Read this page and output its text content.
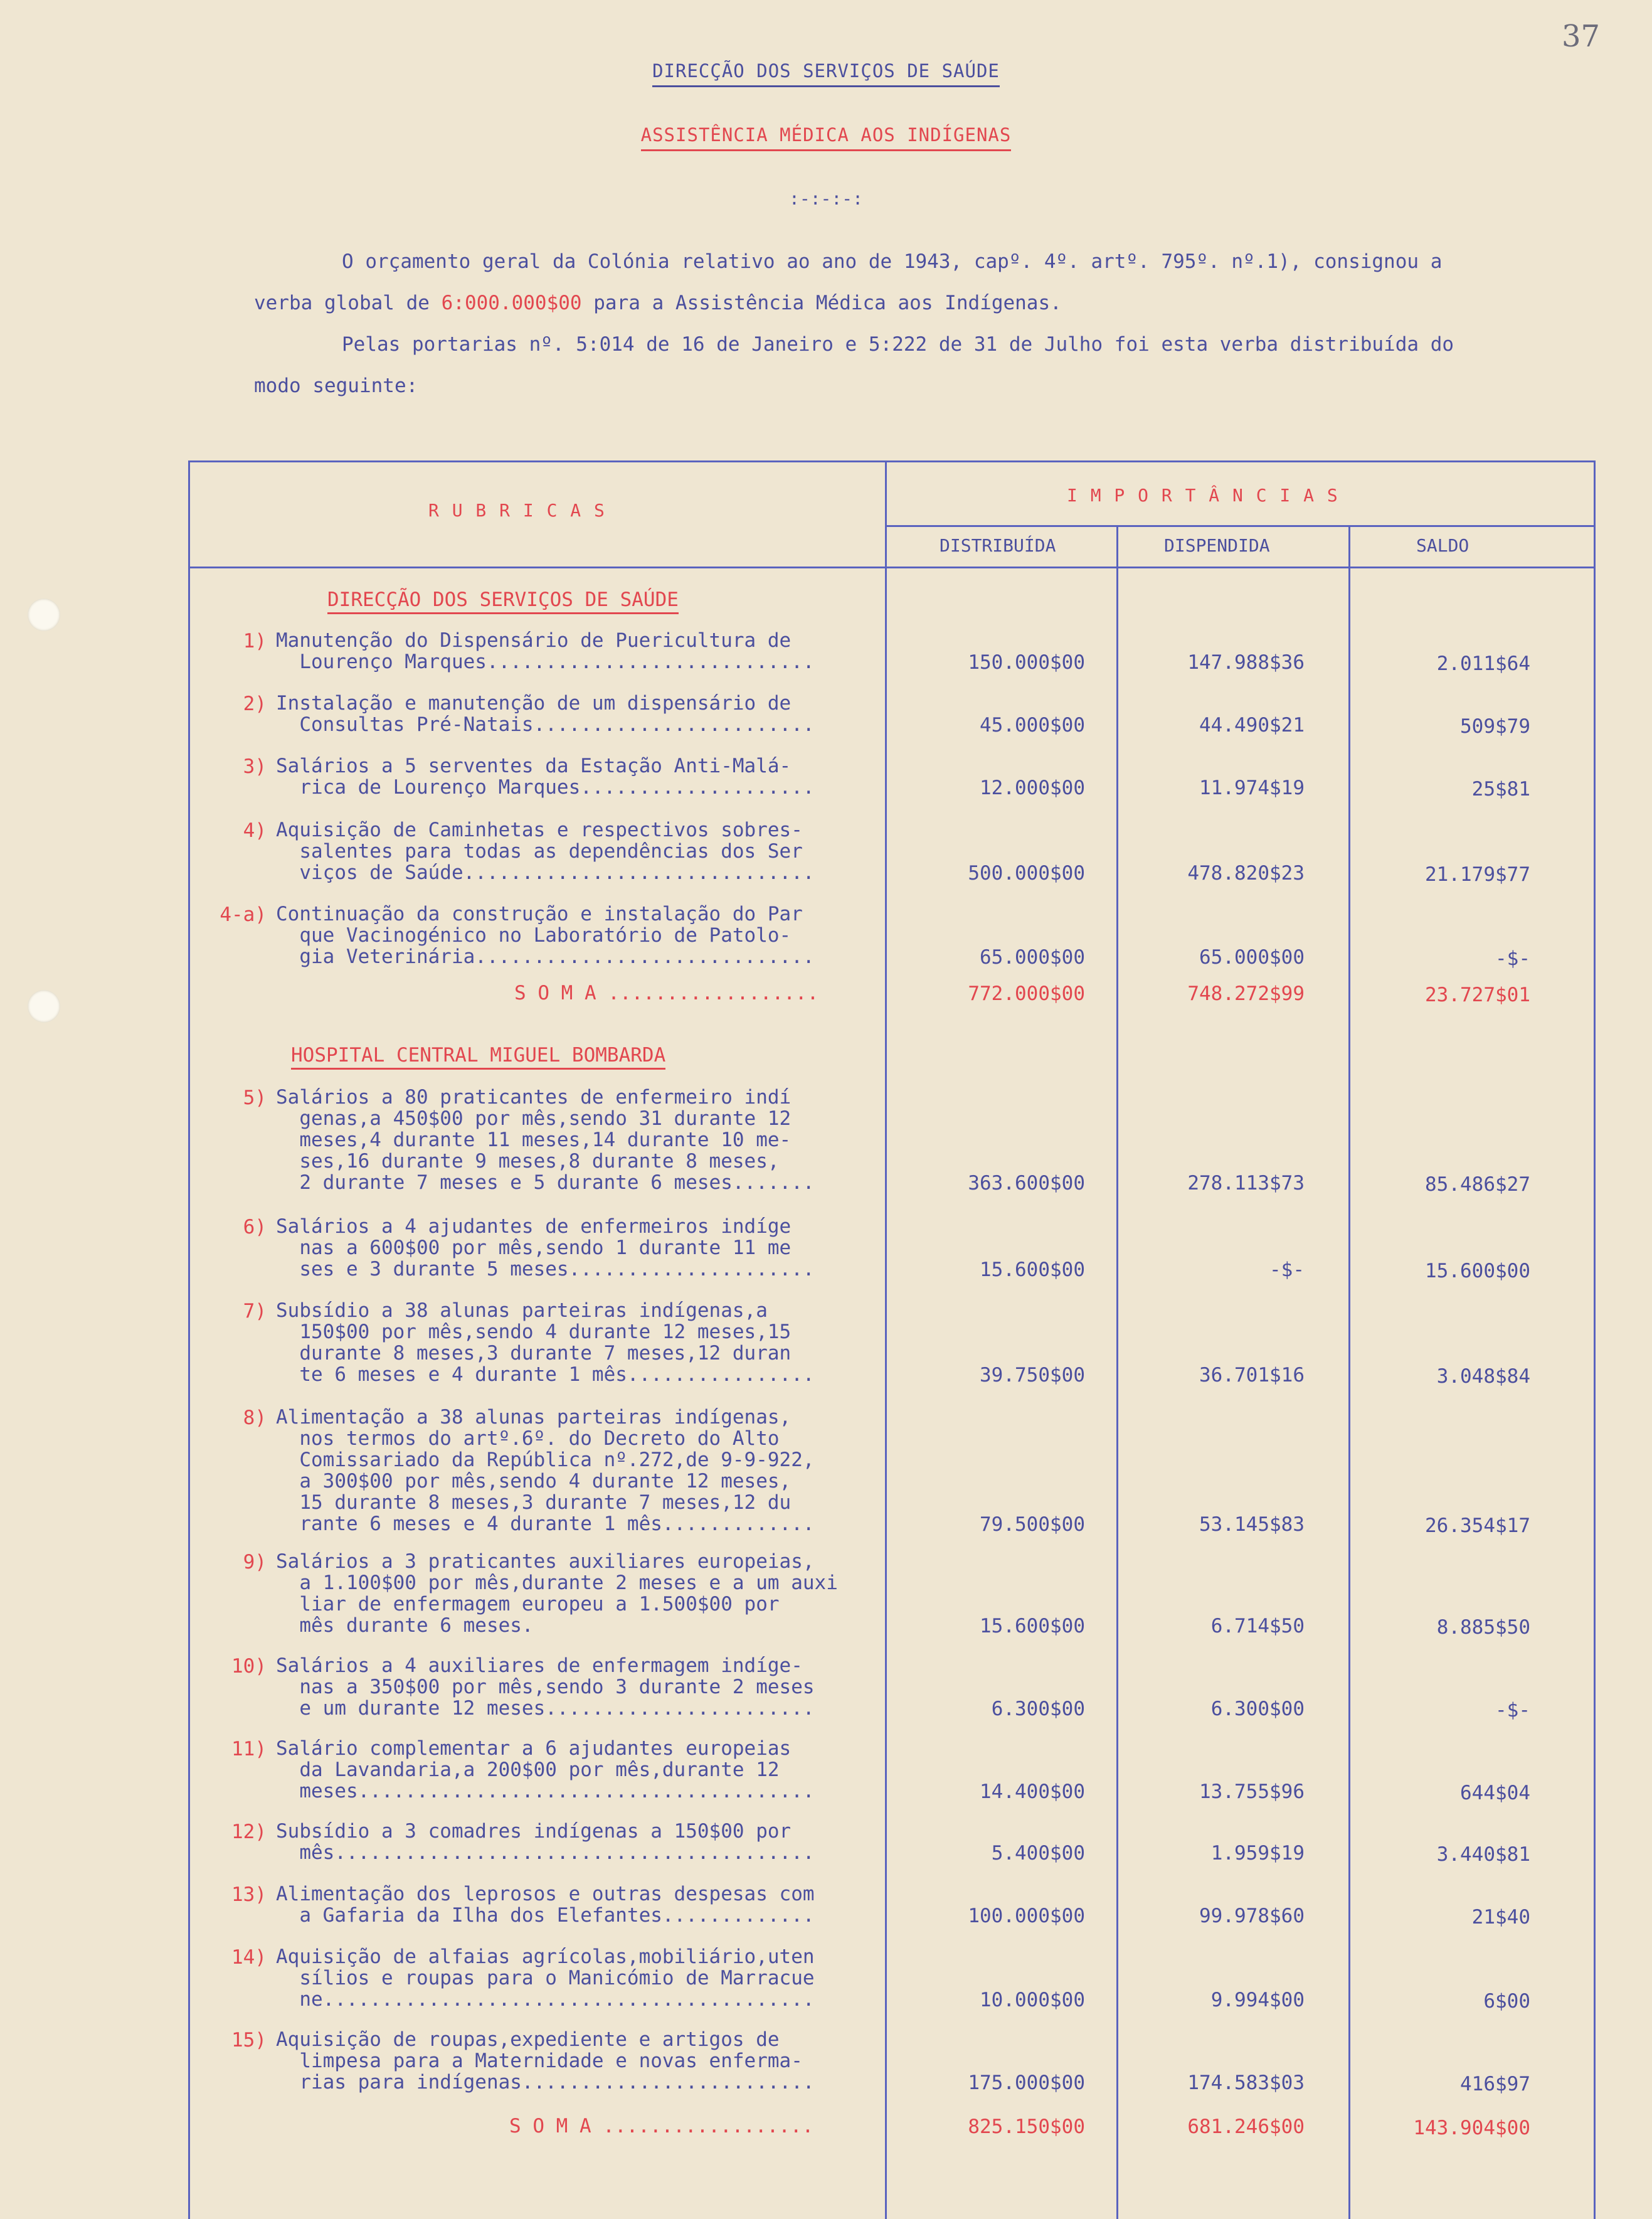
37
DIRECÇÃO DOS SERVIÇOS DE SAÚDE
ASSISTÊNCIA MÉDICA AOS INDÍGENAS
:-:-:-:
O orçamento geral da Colónia relativo ao ano de 1943, capº. 4º. artº. 795º. nº.1), consignou a
verba global de 6:000.000$00 para a Assistência Médica aos Indígenas.
Pelas portarias nº. 5:014 de 16 de Janeiro e 5:222 de 31 de Julho foi esta verba distribuída do
modo seguinte:
R U B R I C A S
I M P O R T Â N C I A S
DISTRIBUÍDA	DISPENDIDA	SALDO
DIRECÇÃO DOS SERVIÇOS DE SAÚDE
1) Manutenção do Dispensário de Puericultura de
Lourenço Marques............................	150.000$00	147.988$36	2.011$64
2) Instalação e manutenção de um dispensário de
Consultas Pré-Natais........................	45.000$00	44.490$21	509$79
3) Salários a 5 serventes da Estação Anti-Malá-
rica de Lourenço Marques....................	12.000$00	11.974$19	25$81
4) Aquisição de Caminhetas e respectivos sobres-
salentes para todas as dependências dos Ser
viços de Saúde..............................	500.000$00	478.820$23	21.179$77
4-a) Continuação da construção e instalação do Par
que Vacinogénico no Laboratório de Patolo-
gia Veterinária.............................	65.000$00	65.000$00	-$-
S O M A ..................	772.000$00	748.272$99	23.727$01
HOSPITAL CENTRAL MIGUEL BOMBARDA
5) Salários a 80 praticantes de enfermeiro indí
genas,a 450$00 por mês,sendo 31 durante 12
meses,4 durante 11 meses,14 durante 10 me-
ses,16 durante 9 meses,8 durante 8 meses,
2 durante 7 meses e 5 durante 6 meses.......	363.600$00	278.113$73	85.486$27
6) Salários a 4 ajudantes de enfermeiros indíge
nas a 600$00 por mês,sendo 1 durante 11 me
ses e 3 durante 5 meses.....................	15.600$00	-$-	15.600$00
7) Subsídio a 38 alunas parteiras indígenas,a
150$00 por mês,sendo 4 durante 12 meses,15
durante 8 meses,3 durante 7 meses,12 duran
te 6 meses e 4 durante 1 mês................	39.750$00	36.701$16	3.048$84
8) Alimentação a 38 alunas parteiras indígenas,
nos termos do artº.6º. do Decreto do Alto
Comissariado da República nº.272,de 9-9-922,
a 300$00 por mês,sendo 4 durante 12 meses,
15 durante 8 meses,3 durante 7 meses,12 du
rante 6 meses e 4 durante 1 mês.............	79.500$00	53.145$83	26.354$17
9) Salários a 3 praticantes auxiliares europeias,
a 1.100$00 por mês,durante 2 meses e a um auxi
liar de enfermagem europeu a 1.500$00 por
mês durante 6 meses.	15.600$00	6.714$50	8.885$50
10) Salários a 4 auxiliares de enfermagem indíge-
nas a 350$00 por mês,sendo 3 durante 2 meses
e um durante 12 meses.......................	6.300$00	6.300$00	-$-
11) Salário complementar a 6 ajudantes europeias
da Lavandaria,a 200$00 por mês,durante 12
meses.......................................	14.400$00	13.755$96	644$04
12) Subsídio a 3 comadres indígenas a 150$00 por
mês.........................................	5.400$00	1.959$19	3.440$81
13) Alimentação dos leprosos e outras despesas com
a Gafaria da Ilha dos Elefantes.............	100.000$00	99.978$60	21$40
14) Aquisição de alfaias agrícolas,mobiliário,uten
sílios e roupas para o Manicómio de Marracue
ne..........................................	10.000$00	9.994$00	6$00
15) Aquisição de roupas,expediente e artigos de
limpesa para a Maternidade e novas enferma-
rias para indígenas.........................	175.000$00	174.583$03	416$97
S O M A ..................	825.150$00	681.246$00	143.904$00
